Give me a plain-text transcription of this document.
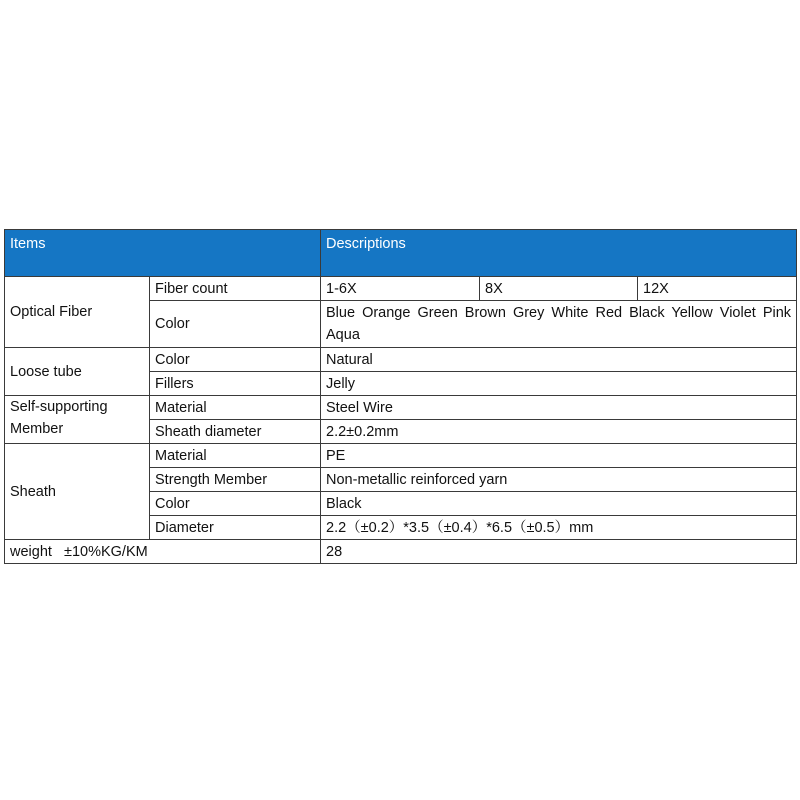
Items		Descriptions		
Optical Fiber	Fiber count	1-6X	8X	12X
	Color	Blue Orange Green Brown Grey White Red Black Yellow Violet Pink Aqua		

Loose tube	Color	Natural		
	Fillers	Jelly		

Self-supporting
Member	Material	Steel Wire		
	Sheath diameter	2.2±0.2mm		
Sheath	Material	PE		
	Strength Member	Non-metallic reinforced yarn		
	Color	Black		
	Diameter	2.2（±0.2）*3.5（±0.4）*6.5（±0.5）mm		
weight   ±10%KG/KM		28		
